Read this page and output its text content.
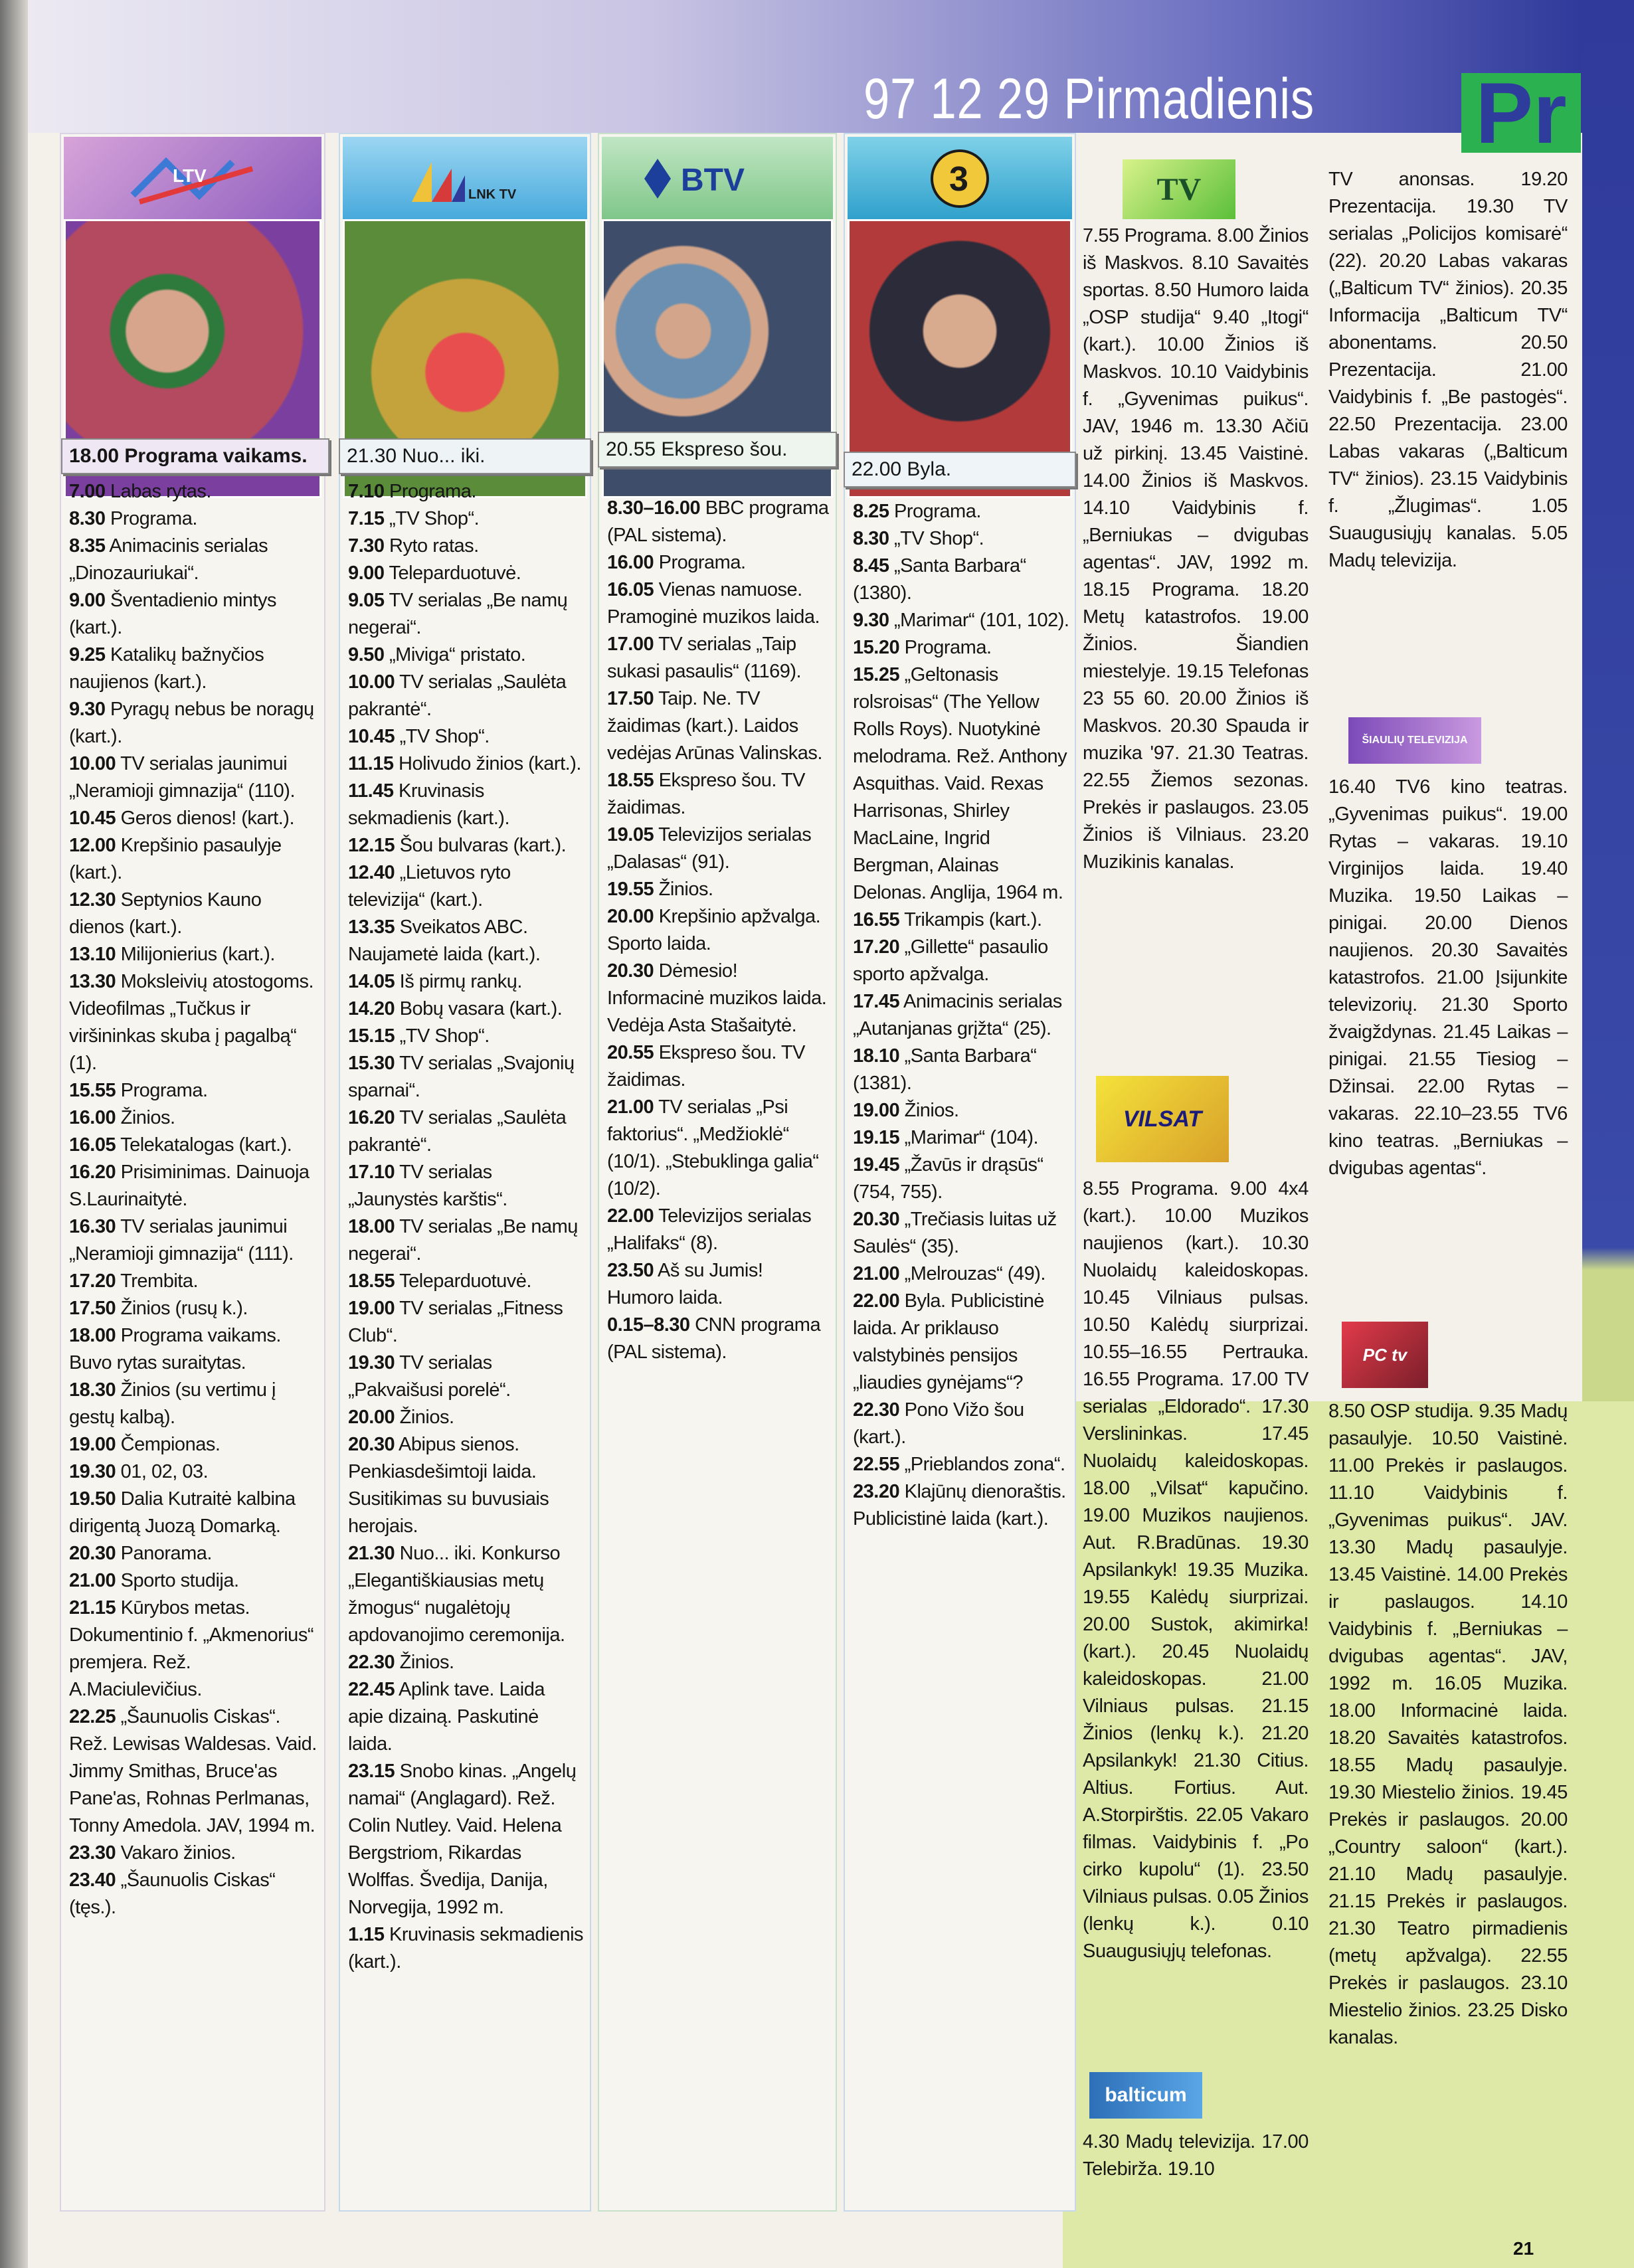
97 12 29 Pirmadienis Pr
LTV
18.00 Programa vaikams.
7.00 Labas rytas.
8.30 Programa.
8.35 Animacinis serialas „Dinozauriukai“.
9.00 Šventadienio mintys (kart.).
9.25 Katalikų bažnyčios naujienos (kart.).
9.30 Pyragų nebus be noragų (kart.).
10.00 TV serialas jaunimui „Neramioji gimnazija“ (110).
10.45 Geros dienos! (kart.).
12.00 Krepšinio pasaulyje (kart.).
12.30 Septynios Kauno dienos (kart.).
13.10 Milijonierius (kart.).
13.30 Moksleivių atostogoms. Videofilmas „Tučkus ir viršininkas skuba į pagalbą“ (1).
15.55 Programa.
16.00 Žinios.
16.05 Telekatalogas (kart.).
16.20 Prisiminimas. Dainuoja S.Laurinaitytė.
16.30 TV serialas jaunimui „Neramioji gimnazija“ (111).
17.20 Trembita.
17.50 Žinios (rusų k.).
18.00 Programa vaikams. Buvo rytas suraitytas.
18.30 Žinios (su vertimu į gestų kalbą).
19.00 Čempionas.
19.30 01, 02, 03.
19.50 Dalia Kutraitė kalbina dirigentą Juozą Domarką.
20.30 Panorama.
21.00 Sporto studija.
21.15 Kūrybos metas. Dokumentinio f. „Akmenorius“ premjera. Rež. A.Maciulevičius.
22.25 „Šaunuolis Ciskas“. Rež. Lewisas Waldesas. Vaid. Jimmy Smithas, Bruce'as Pane'as, Rohnas Perlmanas, Tonny Amedola. JAV, 1994 m.
23.30 Vakaro žinios.
23.40 „Šaunuolis Ciskas“ (tęs.).
LNK TV
21.30 Nuo... iki.
7.10 Programa.
7.15 „TV Shop“.
7.30 Ryto ratas.
9.00 Teleparduotuvė.
9.05 TV serialas „Be namų negerai“.
9.50 „Miviga“ pristato.
10.00 TV serialas „Saulėta pakrantė“.
10.45 „TV Shop“.
11.15 Holivudo žinios (kart.).
11.45 Kruvinasis sekmadienis (kart.).
12.15 Šou bulvaras (kart.).
12.40 „Lietuvos ryto televizija“ (kart.).
13.35 Sveikatos ABC. Naujametė laida (kart.).
14.05 Iš pirmų rankų.
14.20 Bobų vasara (kart.).
15.15 „TV Shop“.
15.30 TV serialas „Svajonių sparnai“.
16.20 TV serialas „Saulėta pakrantė“.
17.10 TV serialas „Jaunystės karštis“.
18.00 TV serialas „Be namų negerai“.
18.55 Teleparduotuvė.
19.00 TV serialas „Fitness Club“.
19.30 TV serialas „Pakvaišusi porelė“.
20.00 Žinios.
20.30 Abipus sienos. Penkiasdešimtoji laida. Susitikimas su buvusiais herojais.
21.30 Nuo... iki. Konkurso „Elegantiškiausias metų žmogus“ nugalėtojų apdovanojimo ceremonija.
22.30 Žinios.
22.45 Aplink tave. Laida apie dizainą. Paskutinė laida.
23.15 Snobo kinas. „Angelų namai“ (Anglagard). Rež. Colin Nutley. Vaid. Helena Bergstriom, Rikardas Wolffas. Švedija, Danija, Norvegija, 1992 m.
1.15 Kruvinasis sekmadienis (kart.).
BTV
20.55 Ekspreso šou.
8.30–16.00 BBC programa (PAL sistema).
16.00 Programa.
16.05 Vienas namuose. Pramoginė muzikos laida.
17.00 TV serialas „Taip sukasi pasaulis“ (1169).
17.50 Taip. Ne. TV žaidimas (kart.). Laidos vedėjas Arūnas Valinskas.
18.55 Ekspreso šou. TV žaidimas.
19.05 Televizijos serialas „Dalasas“ (91).
19.55 Žinios.
20.00 Krepšinio apžvalga. Sporto laida.
20.30 Dėmesio! Informacinė muzikos laida. Vedėja Asta Stašaitytė.
20.55 Ekspreso šou. TV žaidimas.
21.00 TV serialas „Psi faktorius“. „Medžioklė“ (10/1). „Stebuklinga galia“ (10/2).
22.00 Televizijos serialas „Halifaks“ (8).
23.50 Aš su Jumis! Humoro laida.
0.15–8.30 CNN programa (PAL sistema).
3
22.00 Byla.
8.25 Programa.
8.30 „TV Shop“.
8.45 „Santa Barbara“ (1380).
9.30 „Marimar“ (101, 102).
15.20 Programa.
15.25 „Geltonasis rolsroisas“ (The Yellow Rolls Roys). Nuotykinė melodrama. Rež. Anthony Asquithas. Vaid. Rexas Harrisonas, Shirley MacLaine, Ingrid Bergman, Alainas Delonas. Anglija, 1964 m.
16.55 Trikampis (kart.).
17.20 „Gillette“ pasaulio sporto apžvalga.
17.45 Animacinis serialas „Autanjanas grįžta“ (25).
18.10 „Santa Barbara“ (1381).
19.00 Žinios.
19.15 „Marimar“ (104).
19.45 „Žavūs ir drąsūs“ (754, 755).
20.30 „Trečiasis luitas už Saulės“ (35).
21.00 „Melrouzas“ (49).
22.00 Byla. Publicistinė laida. Ar priklauso valstybinės pensijos „liaudies gynėjams“?
22.30 Pono Vižo šou (kart.).
22.55 „Prieblandos zona“.
23.20 Klajūnų dienoraštis. Publicistinė laida (kart.).
TV
7.55 Programa. 8.00 Žinios iš Maskvos. 8.10 Savaitės sportas. 8.50 Humoro laida „OSP studija“ 9.40 „Itogi“ (kart.). 10.00 Žinios iš Maskvos. 10.10 Vaidybinis f. „Gyvenimas puikus“. JAV, 1946 m. 13.30 Ačiū už pirkinį. 13.45 Vaistinė. 14.00 Žinios iš Maskvos. 14.10 Vaidybinis f. „Berniukas – dvigubas agentas“. JAV, 1992 m. 18.15 Programa. 18.20 Metų katastrofos. 19.00 Žinios. Šiandien miestelyje. 19.15 Telefonas 23 55 60. 20.00 Žinios iš Maskvos. 20.30 Spauda ir muzika '97. 21.30 Teatras. 22.55 Žiemos sezonas. Prekės ir paslaugos. 23.05 Žinios iš Vilniaus. 23.20 Muzikinis kanalas.
VILSAT
8.55 Programa. 9.00 4x4 (kart.). 10.00 Muzikos naujienos (kart.). 10.30 Nuolaidų kaleidoskopas. 10.45 Vilniaus pulsas. 10.50 Kalėdų siurprizai. 10.55–16.55 Pertrauka. 16.55 Programa. 17.00 TV serialas „Eldorado“. 17.30 Verslininkas. 17.45 Nuolaidų kaleidoskopas. 18.00 „Vilsat“ kapučino. 19.00 Muzikos naujienos. Aut. R.Bradūnas. 19.30 Apsilankyk! 19.35 Muzika. 19.55 Kalėdų siurprizai. 20.00 Sustok, akimirka! (kart.). 20.45 Nuolaidų kaleidoskopas. 21.00 Vilniaus pulsas. 21.15 Žinios (lenkų k.). 21.20 Apsilankyk! 21.30 Citius. Altius. Fortius. Aut. A.Storpirštis. 22.05 Vakaro filmas. Vaidybinis f. „Po cirko kupolu“ (1). 23.50 Vilniaus pulsas. 0.05 Žinios (lenkų k.). 0.10 Suaugusiųjų telefonas.
balticum
4.30 Madų televizija. 17.00 Telebirža. 19.10
TV anonsas. 19.20 Prezentacija. 19.30 TV serialas „Policijos komisarė“ (22). 20.20 Labas vakaras („Balticum TV“ žinios). 20.35 Informacija „Balticum TV“ abonentams. 20.50 Prezentacija. 21.00 Vaidybinis f. „Be pastogės“. 22.50 Prezentacija. 23.00 Labas vakaras („Balticum TV“ žinios). 23.15 Vaidybinis f. „Žlugimas“. 1.05 Suaugusiųjų kanalas. 5.05 Madų televizija.
ŠIAULIŲ TELEVIZIJA
16.40 TV6 kino teatras. „Gyvenimas puikus“. 19.00 Rytas – vakaras. 19.10 Virginijos laida. 19.40 Muzika. 19.50 Laikas – pinigai. 20.00 Dienos naujienos. 20.30 Savaitės katastrofos. 21.00 Įsijunkite televizorių. 21.30 Sporto žvaigždynas. 21.45 Laikas – pinigai. 21.55 Tiesiog – Džinsai. 22.00 Rytas – vakaras. 22.10–23.55 TV6 kino teatras. „Berniukas – dvigubas agentas“.
PC tv
8.50 OSP studija. 9.35 Madų pasaulyje. 10.50 Vaistinė. 11.00 Prekės ir paslaugos. 11.10 Vaidybinis f. „Gyvenimas puikus“. JAV. 13.30 Madų pasaulyje. 13.45 Vaistinė. 14.00 Prekės ir paslaugos. 14.10 Vaidybinis f. „Berniukas – dvigubas agentas“. JAV, 1992 m. 16.05 Muzika. 18.00 Informacinė laida. 18.20 Savaitės katastrofos. 18.55 Madų pasaulyje. 19.30 Miestelio žinios. 19.45 Prekės ir paslaugos. 20.00 „Country saloon“ (kart.). 21.10 Madų pasaulyje. 21.15 Prekės ir paslaugos. 21.30 Teatro pirmadienis (metų apžvalga). 22.55 Prekės ir paslaugos. 23.10 Miestelio žinios. 23.25 Disko kanalas.
21
